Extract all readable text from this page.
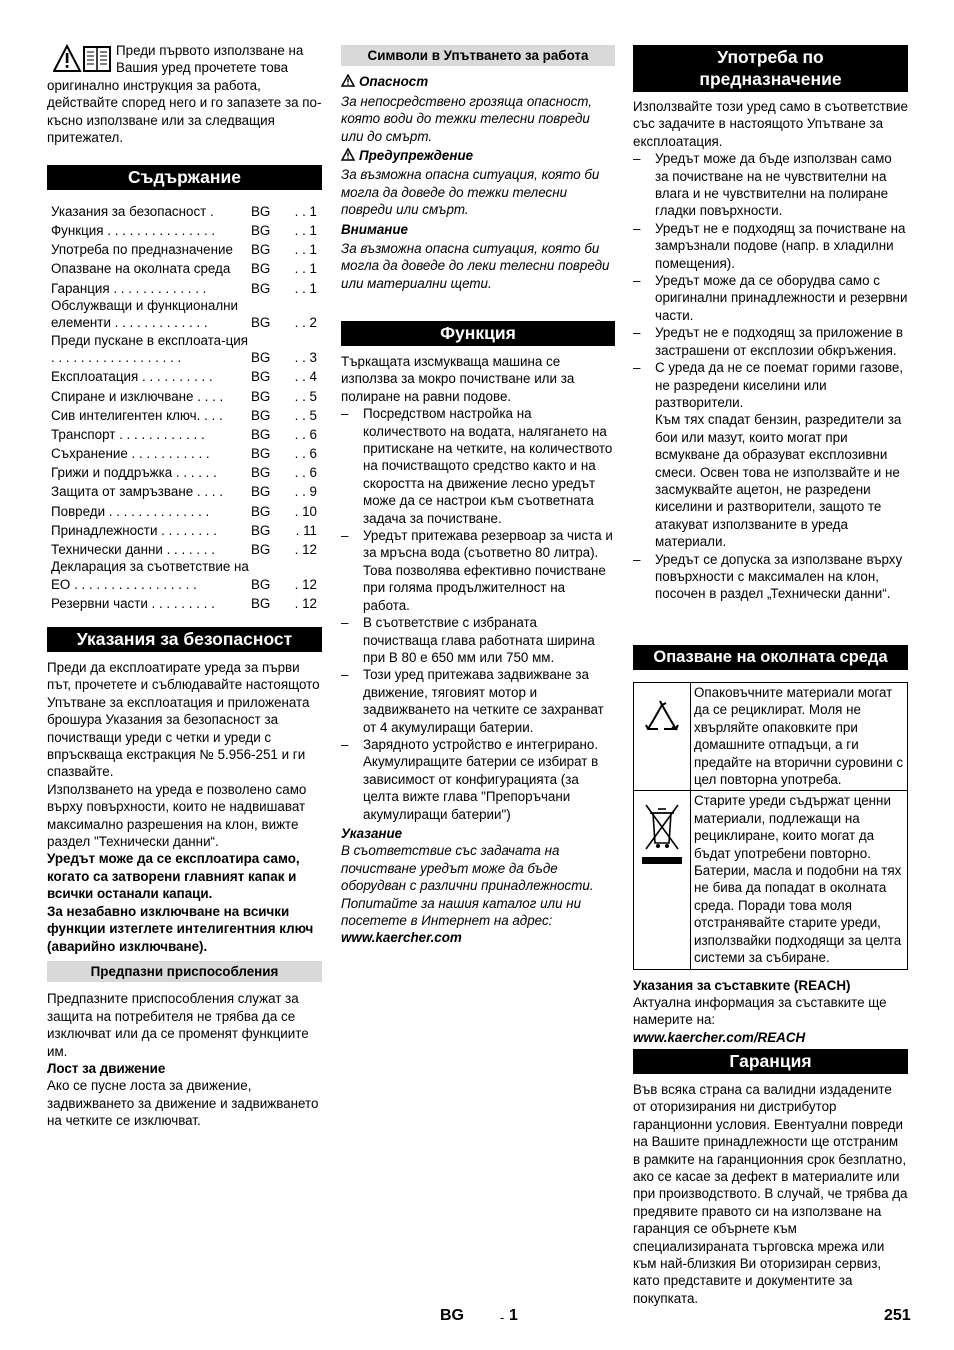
Преди първото използване на

Вашия уред прочетете това

оригинално инструкция за работа, действайте според него и го запазете за по-късно използване или за следващия притежател.

Съдържание
Указания за безопасност .	BG	. . 1
Функция . . . . . . . . . . . . . . .	BG	. . 1
Употреба по предназначение	BG	. . 1
Опазване на околната среда	BG	. . 1
Гаранция . . . . . . . . . . . . .	BG	. . 1
Обслужващи и функционални елементи . . . . . . . . . . . . .	BG	. . 2
Преди пускане в експлоата-ция . . . . . . . . . . . . . . . . . .	BG	. . 3
Експлоатация . . . . . . . . . .	BG	. . 4
Спиране и изключване . . . .	BG	. . 5
Сив интелигентен ключ. . . .	BG	. . 5
Транспорт . . . . . . . . . . . .	BG	. . 6
Съхранение . . . . . . . . . . .	BG	. . 6
Грижи и поддръжка . . . . . .	BG	. . 6
Защита от замръзване . . . .	BG	. . 9
Повреди . . . . . . . . . . . . . .	BG	. 10
Принадлежности . . . . . . . .	BG	. 11
Технически данни . . . . . . .	BG	. 12
Декларация за съответствие на ЕО . . . . . . . . . . . . . . . . .	BG	. 12
Резервни части . . . . . . . . .	BG	. 12
Указания за безопасност

Преди да експлоатирате уреда за първи път, прочетете и съблюдавайте настоящото Упътване за експлоатация и приложената брошура Указания за безопасност за почистващи уреди с четки и уреди с впръскваща екстракция № 5.956-251 и ги спазвайте.

Използването на уреда е позволено само върху повърхности, които не надвишават максимално разрешения на клон, вижте раздел "Технически данни“.

Уредът може да се експлоатира само, когато са затворени главният капак и всички останали капаци.

За незабавно изключване на всички функции изтеглете интелигентния ключ (аварийно изключване).

Предпазни приспособления

Предпазните приспособления служат за защита на потребителя не трябва да се изключват или да се променят функциите им.

Лост за движение

Ако се пусне лоста за движение, задвижването за движение и задвижването на четките се изключват.

Символи в Упътването за работа

Опасност

За непосредствено грозяща опасност, която води до тежки телесни повреди или до смърт.

Предупреждение

За възможна опасна ситуация, която би могла да доведе до тежки телесни повреди или смърт.

Внимание

За възможна опасна ситуация, която би могла да доведе до леки телесни повреди или материални щети.

Функция

Търкащата изсмукваща машина се използва за мокро почистване или за полиране на равни подове.

–	Посредством настройка на количеството на водата, налягането на притискане на четките, на количеството на почистващото средство както и на скоростта на движение лесно уредът може да се настрои към съответната задача за почистване.
–	Уредът притежава резервоар за чиста и за мръсна вода (съответно 80 литра). Това позволява ефективно почистване при голяма продължителност на работа.
–	В съответствие с избраната почистваща глава работната ширина при В 80 е 650 мм или 750 мм.
–	Този уред притежава задвижване за движение, тяговият мотор и задвижването на четките се захранват от 4 акумулиращи батерии.
–	Зарядното устройство е интегрирано. Акумулиращите батерии се избират в зависимост от конфигурацията (за целта вижте глава "Препоръчани акумулиращи батерии")

Указание

В съответствие със задачата на почистване уредът може да бъде оборудван с различни принадлежности. Попитайте за нашия каталог или ни посетете в Интернет на адрес:

www.kaercher.com

Употреба по предназначение

Използвайте този уред само в съответствие със задачите в настоящото Упътване за експлоатация.

–	Уредът може да бъде използван само за почистване на не чувствителни на влага и не чувствителни на полиране гладки повърхности.
–	Уредът не е подходящ за почистване на замръзнали подове (напр. в хладилни помещения).
–	Уредът може да се оборудва само с оригинални принадлежности и резервни части.
–	Уредът не е подходящ за приложение в застрашени от експлозии обкръжения.
–	С уреда да не се поемат горими газове, не разредени киселини или разтворители.
Към тях спадат бензин, разредители за бои или мазут, които могат при всмукване да образуват експлозивни смеси. Освен това не използвайте и не засмуквайте ацетон, не разредени киселини и разтворители, защото те атакуват използваните в уреда материали.
–	Уредът се допуска за използване върху повърхности с максимален на клон, посочен в раздел „Технически данни“.
Опазване на околната среда
	Опаковъчните материали могат да се рециклират. Моля не хвърляйте опаковките при домашните отпадъци, а ги предайте на вторични суровини с цел повторна употреба.
	Старите уреди съдържат ценни материали, подлежащи на рециклиране, които могат да бъдат употребени повторно. Батерии, масла и подобни на тях не бива да попадат в околната среда. Поради това моля отстранявайте старите уреди, използвайки подходящи за целта системи за събиране.

Указания за съставките (REACH)

Актуална информация за съставките ще намерите на:

www.kaercher.com/REACH

Гаранция

Във всяка страна са валидни издадените от оторизирания ни дистрибутор гаранционни условия. Евентуални повреди на Вашите принадлежности ще отстраним в рамките на гаранционния срок безплатно, ако се касае за дефект в материалите или при производството. В случай, че трябва да предявите правото си на използване на гаранция се обърнете към специализираната търговска мрежа или към най-близкия Ви оторизиран сервиз, като представите и документите за покупката.

BG	- 1	251
